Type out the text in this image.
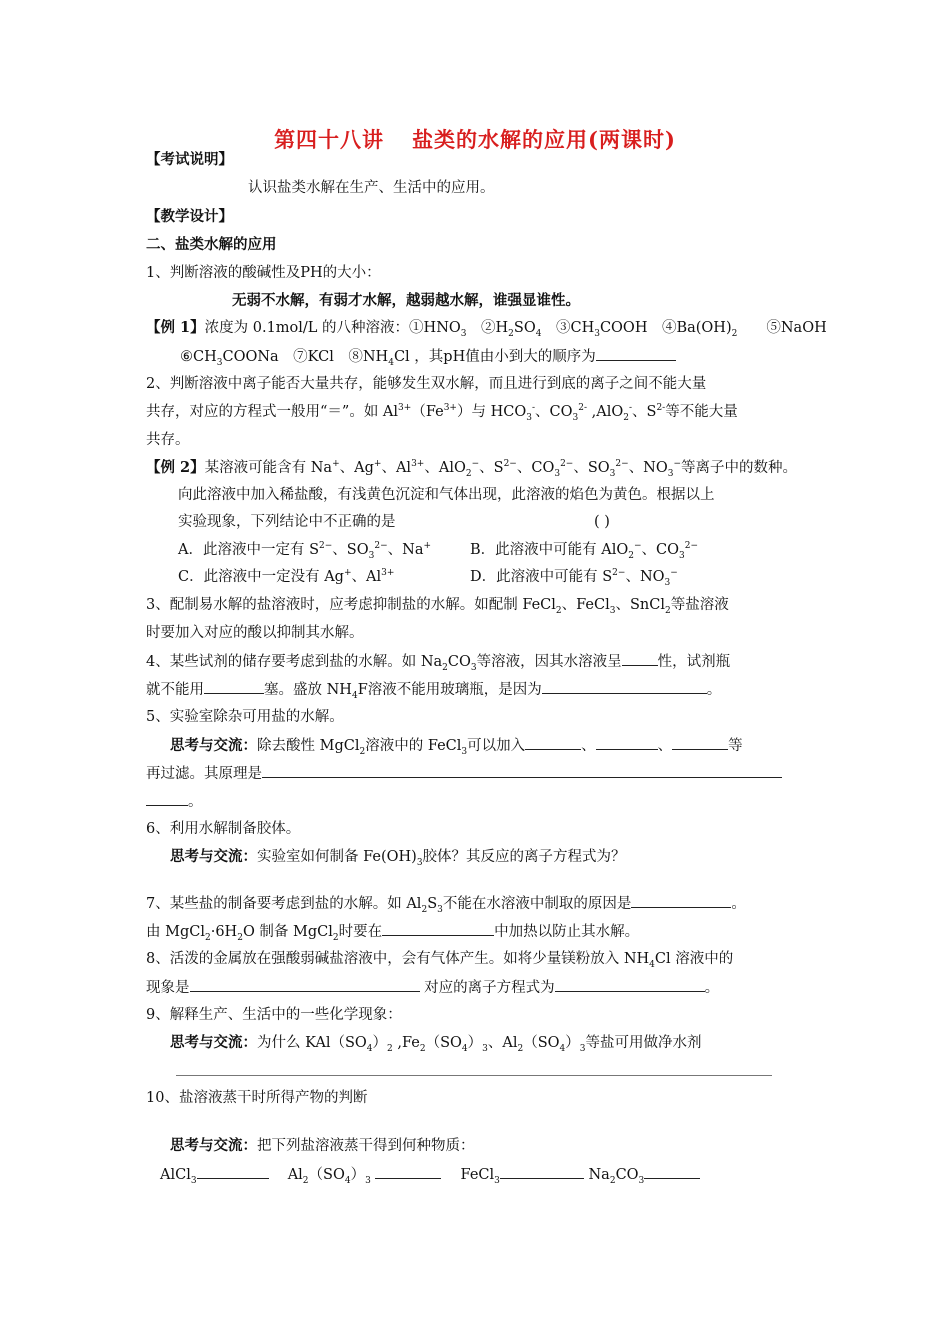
第四十八讲 盐类的水解的应用(两课时)
【考试说明】
认识盐类水解在生产、生活中的应用。
【教学设计】
二、盐类水解的应用
1、判断溶液的酸碱性及PH的大小：
无弱不水解，有弱才水解，越弱越水解，谁强显谁性。
【例 1】浓度为 0.1mol/L 的八种溶液：$①HNO_3$　$②H_2SO_4$　$③CH_3COOH$　$④Ba(OH)_2$　　⑤NaOH
$⑥CH_3COONa$　⑦KCl　$⑧NH_4Cl$ ，其pH值由小到大的顺序为
2、判断溶液中离子能否大量共存，能够发生双水解，而且进行到底的离子之间不能大量
共存，对应的方程式一般用“＝”。如 $Al^{3+}(Fe^{3+})$与 $HCO_3^-$、$CO_3^{2-}$ ,AlO$_2$-、$S^{2-}$等不能大量
共存。
【例 2】某溶液可能含有 Na+、Ag+、$Al^{3+}$、AlO$_2$−、$S^{2-}$、$CO_3^{2-}$、$SO_3^{2-}$、$NO_3^-$等离子中的数种。
向此溶液中加入稀盐酸，有浅黄色沉淀和气体出现，此溶液的焰色为黄色。根据以上
实验现象，下列结论中不正确的是	( )
A．此溶液中一定有 $S^{2-}$、$SO_3^{2-}$、Na+	B．此溶液中可能有 AlO$_2$−、$CO_3^{2-}$
C．此溶液中一定没有 Ag+、$Al^{3+}$	D．此溶液中可能有 $S^{2-}$、$NO_3^-$
3、配制易水解的盐溶液时，应考虑抑制盐的水解。如配制 FeCl$_2$、FeCl$_3$、SnCl$_2$等盐溶液
时要加入对应的酸以抑制其水解。
4、某些试剂的储存要考虑到盐的水解。如 $Na_2CO_3$等溶液，因其水溶液呈 性，试剂瓶
就不能用	塞。盛放 $NH_4F$溶液不能用玻璃瓶，是因为	。
5、实验室除杂可用盐的水解。
思考与交流：除去酸性 MgCl$_2$溶液中的 FeCl$_3$可以加入	、	、	等
再过滤。其原理是
。
6、利用水解制备胶体。
思考与交流：实验室如何制备 $Fe(OH)_3$胶体？其反应的离子方程式为？
7、某些盐的制备要考虑到盐的水解。如 $Al_2S_3$不能在水溶液中制取的原因是	。
由 $MgCl_2\cdot 6H_2O$ 制备 MgCl$_2$时要在	中加热以防止其水解。
8、活泼的金属放在强酸弱碱盐溶液中，会有气体产生。如将少量镁粉放入 $NH_4Cl$ 溶液中的
现象是	对应的离子方程式为	。
9、解释生产、生活中的一些化学现象：
思考与交流：为什么 $KAl(SO_4)_2$ $,Fe_2(SO_4)_3$、$Al_2(SO_4)_3$等盐可用做净水剂
10、盐溶液蒸干时所得产物的判断
思考与交流：把下列盐溶液蒸干得到何种物质：
AlCl$_3$　	$Al_2(SO_4)_3$ 　	FeCl$_3$	$Na_2CO_3$
